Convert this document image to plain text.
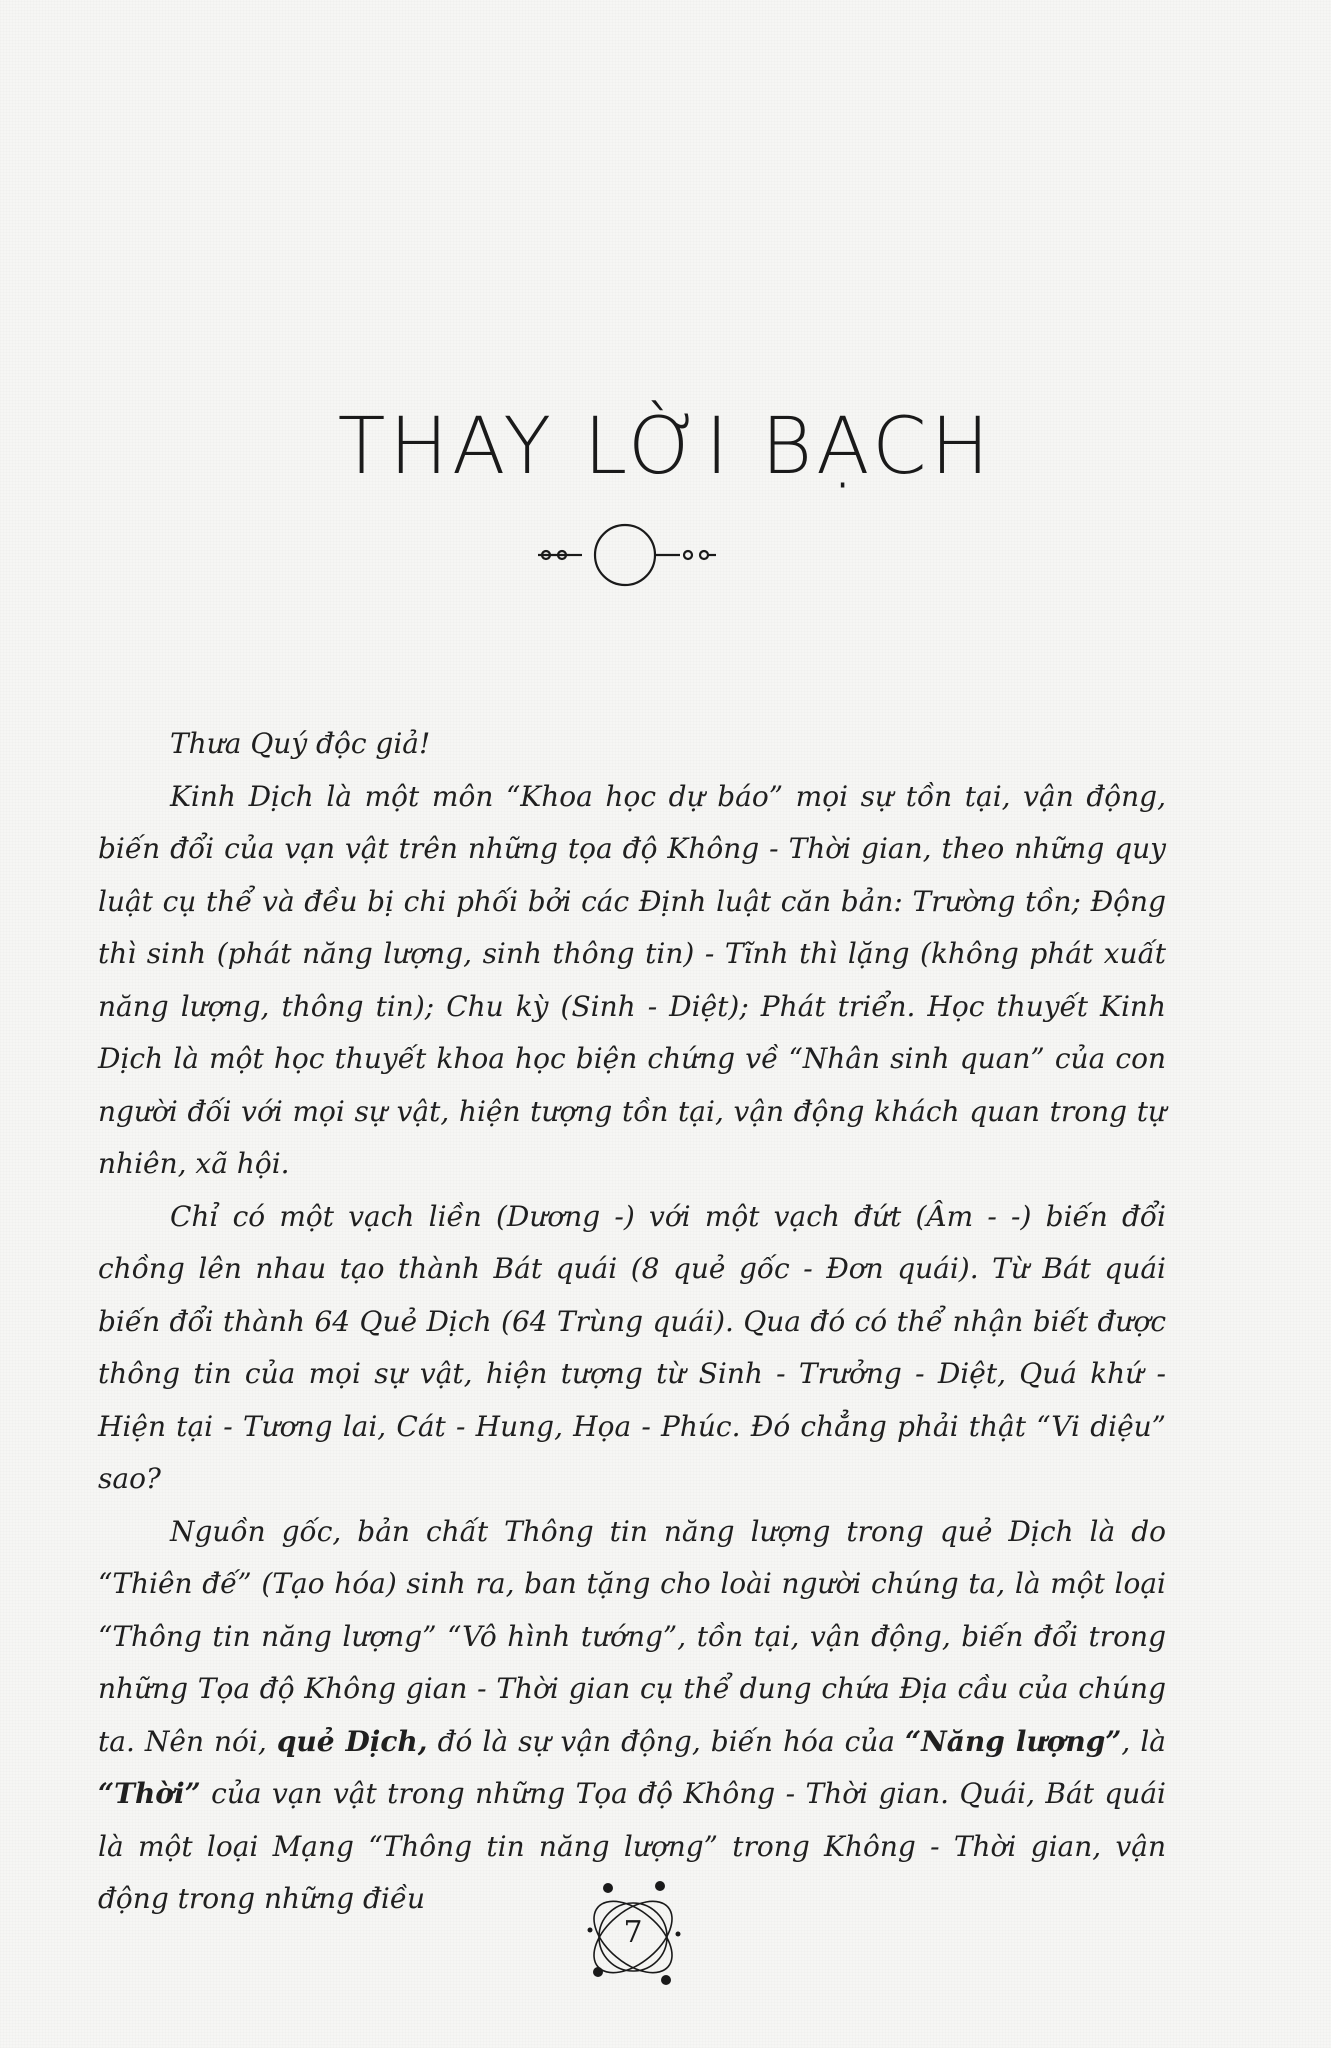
THAY LỜI BẠCH

Thưa Quý độc giả!

Kinh Dịch là một môn “Khoa học dự báo” mọi sự tồn tại, vận động, biến đổi của vạn vật trên những tọa độ Không - Thời gian, theo những quy luật cụ thể và đều bị chi phối bởi các Định luật căn bản: Trường tồn; Động thì sinh (phát năng lượng, sinh thông tin) - Tĩnh thì lặng (không phát xuất năng lượng, thông tin); Chu kỳ (Sinh - Diệt); Phát triển. Học thuyết Kinh Dịch là một học thuyết khoa học biện chứng về “Nhân sinh quan” của con người đối với mọi sự vật, hiện tượng tồn tại, vận động khách quan trong tự nhiên, xã hội.

Chỉ có một vạch liền (Dương -) với một vạch đứt (Âm - -) biến đổi chồng lên nhau tạo thành Bát quái (8 quẻ gốc - Đơn quái). Từ Bát quái biến đổi thành 64 Quẻ Dịch (64 Trùng quái). Qua đó có thể nhận biết được thông tin của mọi sự vật, hiện tượng từ Sinh - Trưởng - Diệt, Quá khứ - Hiện tại - Tương lai, Cát - Hung, Họa - Phúc. Đó chẳng phải thật “Vi diệu” sao?

Nguồn gốc, bản chất Thông tin năng lượng trong quẻ Dịch là do “Thiên đế” (Tạo hóa) sinh ra, ban tặng cho loài người chúng ta, là một loại “Thông tin năng lượng” “Vô hình tướng”, tồn tại, vận động, biến đổi trong những Tọa độ Không gian - Thời gian cụ thể dung chứa Địa cầu của chúng ta. Nên nói, quẻ Dịch, đó là sự vận động, biến hóa của “Năng lượng”, là “Thời” của vạn vật trong những Tọa độ Không - Thời gian. Quái, Bát quái là một loại Mạng “Thông tin năng lượng” trong Không - Thời gian, vận động trong những điều

7
